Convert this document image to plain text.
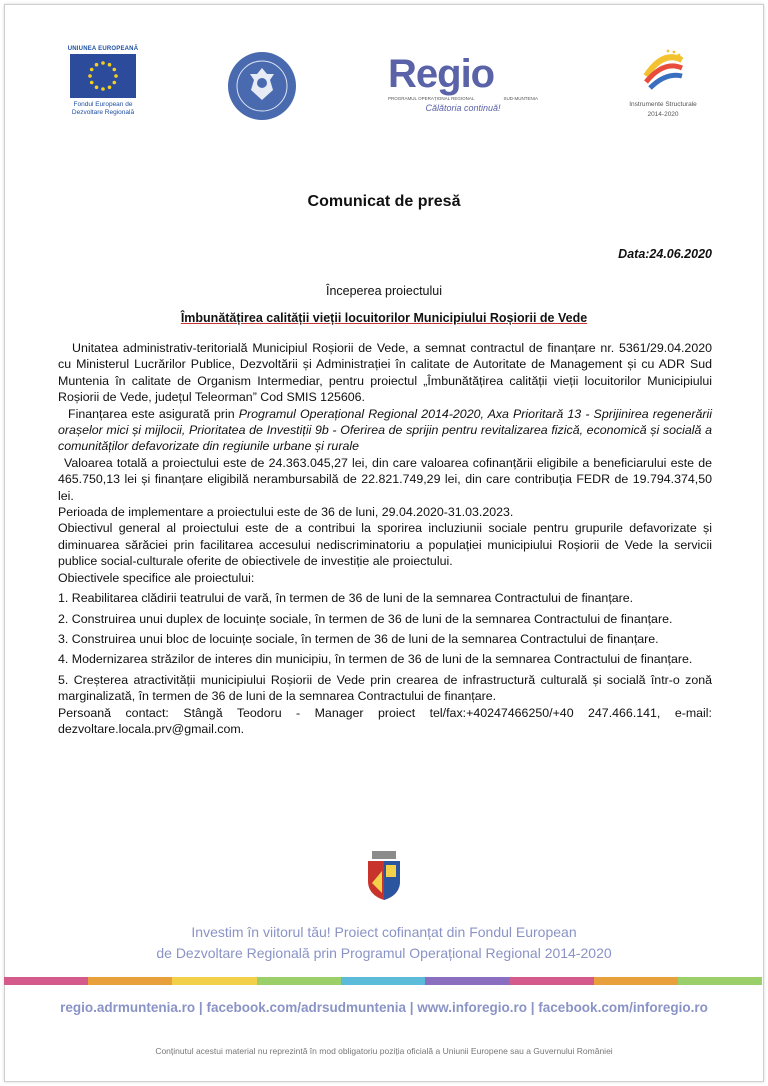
UNIUNEA EUROPEANĂ
Fondul European de
Dezvoltare Regională
Regio
PROGRAMUL OPERAȚIONAL REGIONAL	SUD-MUNTENIA
Călătoria continuă!	Instrumente Structurale
2014-2020
Comunicat de presă
Data:24.06.2020
Începerea proiectului
Îmbunătățirea calității vieții locuitorilor Municipiului Roșiorii de Vede

Unitatea administrativ-teritorială Municipiul Roșiorii de Vede, a semnat contractul de finanțare nr. 5361/29.04.2020 cu Ministerul Lucrărilor Publice, Dezvoltării și Administrației în calitate de Autoritate de Management și cu ADR Sud Muntenia în calitate de Organism Intermediar, pentru proiectul „Îmbunătățirea calității vieții locuitorilor Municipiului Roșiorii de Vede, județul Teleorman” Cod SMIS 125606.

Finanțarea este asigurată prin Programul Operațional Regional 2014-2020, Axa Prioritară 13 - Sprijinirea regenerării orașelor mici și mijlocii, Prioritatea de Investiții 9b - Oferirea de sprijin pentru revitalizarea fizică, economică și socială a comunităților defavorizate din regiunile urbane și rurale

Valoarea totală a proiectului este de 24.363.045,27 lei, din care valoarea cofinanțării eligibile a beneficiarului este de 465.750,13 lei și finanțare eligibilă nerambursabilă de 22.821.749,29 lei, din care contribuția FEDR de 19.794.374,50 lei.

Perioada de implementare a proiectului este de 36 de luni, 29.04.2020-31.03.2023.

Obiectivul general al proiectului este de a contribui la sporirea incluziunii sociale pentru grupurile defavorizate și diminuarea sărăciei prin facilitarea accesului nediscriminatoriu a populației municipiului Roșiorii de Vede la servicii publice social-culturale oferite de obiectivele de investiție ale proiectului.

Obiectivele specifice ale proiectului:

1. Reabilitarea clădirii teatrului de vară, în termen de 36 de luni de la semnarea Contractului de finanțare.

2. Construirea unui duplex de locuințe sociale, în termen de 36 de luni de la semnarea Contractului de finanțare.

3. Construirea unui bloc de locuințe sociale, în termen de 36 de luni de la semnarea Contractului de finanțare.

4. Modernizarea străzilor de interes din municipiu, în termen de 36 de luni de la semnarea Contractului de finanțare.

5. Creșterea atractivității municipiului Roșiorii de Vede prin crearea de infrastructură culturală și socială într-o zonă marginalizată, în termen de 36 de luni de la semnarea Contractului de finanțare.

Persoană contact: Stângă Teodoru - Manager proiect tel/fax:+40247466250/+40 247.466.141, e-mail: dezvoltare.locala.prv@gmail.com.

Investim în viitorul tău! Proiect cofinanțat din Fondul European
de Dezvoltare Regională prin Programul Operațional Regional 2014-2020
regio.adrmuntenia.ro | facebook.com/adrsudmuntenia | www.inforegio.ro | facebook.com/inforegio.ro
Conținutul acestui material nu reprezintă în mod obligatoriu poziția oficială a Uniunii Europene sau a Guvernului României
